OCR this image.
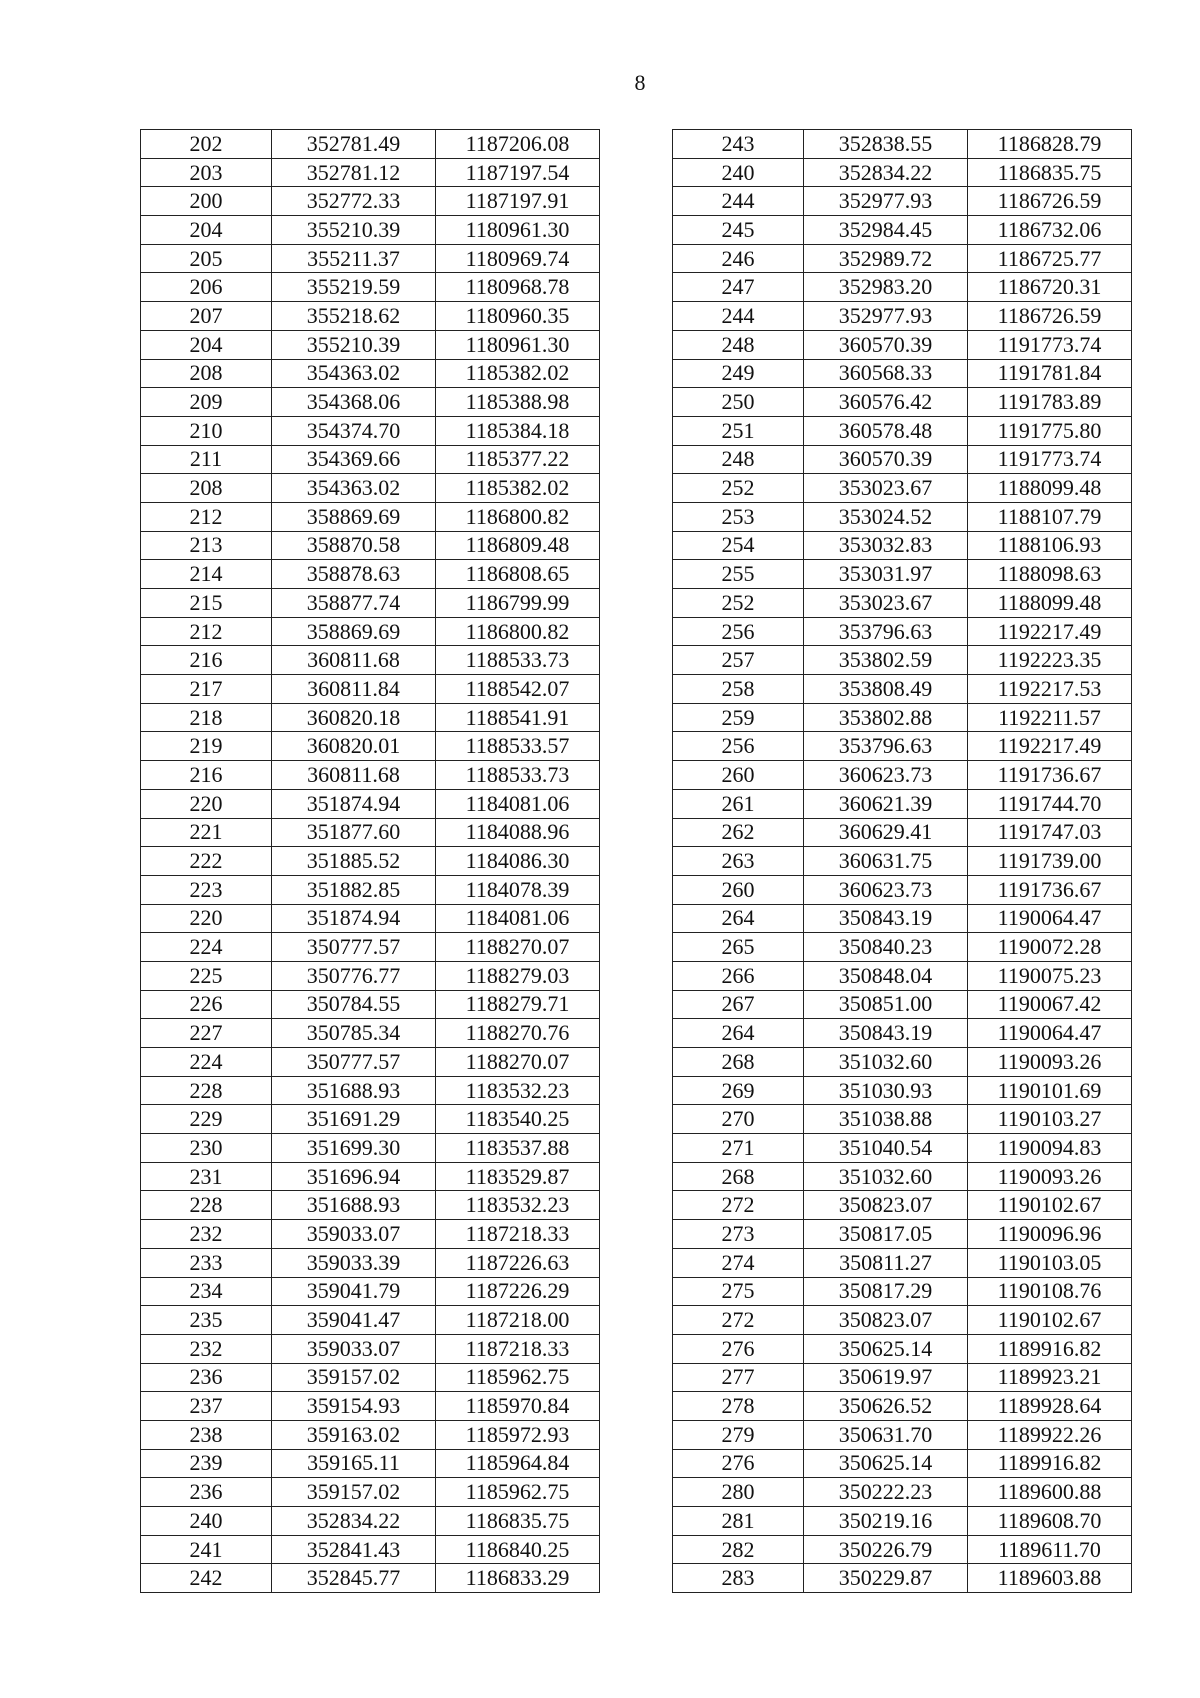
8
202	352781.49	1187206.08
203	352781.12	1187197.54
200	352772.33	1187197.91
204	355210.39	1180961.30
205	355211.37	1180969.74
206	355219.59	1180968.78
207	355218.62	1180960.35
204	355210.39	1180961.30
208	354363.02	1185382.02
209	354368.06	1185388.98
210	354374.70	1185384.18
211	354369.66	1185377.22
208	354363.02	1185382.02
212	358869.69	1186800.82
213	358870.58	1186809.48
214	358878.63	1186808.65
215	358877.74	1186799.99
212	358869.69	1186800.82
216	360811.68	1188533.73
217	360811.84	1188542.07
218	360820.18	1188541.91
219	360820.01	1188533.57
216	360811.68	1188533.73
220	351874.94	1184081.06
221	351877.60	1184088.96
222	351885.52	1184086.30
223	351882.85	1184078.39
220	351874.94	1184081.06
224	350777.57	1188270.07
225	350776.77	1188279.03
226	350784.55	1188279.71
227	350785.34	1188270.76
224	350777.57	1188270.07
228	351688.93	1183532.23
229	351691.29	1183540.25
230	351699.30	1183537.88
231	351696.94	1183529.87
228	351688.93	1183532.23
232	359033.07	1187218.33
233	359033.39	1187226.63
234	359041.79	1187226.29
235	359041.47	1187218.00
232	359033.07	1187218.33
236	359157.02	1185962.75
237	359154.93	1185970.84
238	359163.02	1185972.93
239	359165.11	1185964.84
236	359157.02	1185962.75
240	352834.22	1186835.75
241	352841.43	1186840.25
242	352845.77	1186833.29
243	352838.55	1186828.79
240	352834.22	1186835.75
244	352977.93	1186726.59
245	352984.45	1186732.06
246	352989.72	1186725.77
247	352983.20	1186720.31
244	352977.93	1186726.59
248	360570.39	1191773.74
249	360568.33	1191781.84
250	360576.42	1191783.89
251	360578.48	1191775.80
248	360570.39	1191773.74
252	353023.67	1188099.48
253	353024.52	1188107.79
254	353032.83	1188106.93
255	353031.97	1188098.63
252	353023.67	1188099.48
256	353796.63	1192217.49
257	353802.59	1192223.35
258	353808.49	1192217.53
259	353802.88	1192211.57
256	353796.63	1192217.49
260	360623.73	1191736.67
261	360621.39	1191744.70
262	360629.41	1191747.03
263	360631.75	1191739.00
260	360623.73	1191736.67
264	350843.19	1190064.47
265	350840.23	1190072.28
266	350848.04	1190075.23
267	350851.00	1190067.42
264	350843.19	1190064.47
268	351032.60	1190093.26
269	351030.93	1190101.69
270	351038.88	1190103.27
271	351040.54	1190094.83
268	351032.60	1190093.26
272	350823.07	1190102.67
273	350817.05	1190096.96
274	350811.27	1190103.05
275	350817.29	1190108.76
272	350823.07	1190102.67
276	350625.14	1189916.82
277	350619.97	1189923.21
278	350626.52	1189928.64
279	350631.70	1189922.26
276	350625.14	1189916.82
280	350222.23	1189600.88
281	350219.16	1189608.70
282	350226.79	1189611.70
283	350229.87	1189603.88
